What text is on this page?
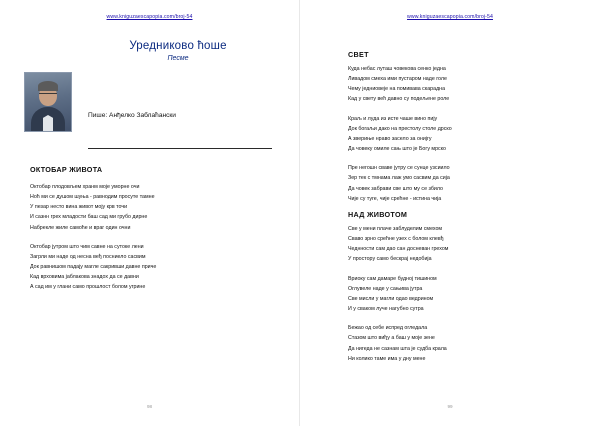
www.kniguzaescapopia.com/broj-54
Уредниково ћоше
Песме
Пише: Анђелко Заблаћански
ОКТОБАР ЖИВОТА
Октобар плодовљем хранм моје уморне очи
Ноћ ми се душом шуња - равнодим просуте тамне
У пезар несто вина живот моју крв точи
И сазнн грех младости баш сад ми грубо дирне
Набрекле жиле самоће и враг один очни
Октобар јутром што чим савне на сутоке лени
Загрли ми наде од несна веђ посниело сасвим
Док равнишом падају магле сакривши давне приче
Кад врховима јаблакова знадох да се давни
А сад им у глани само прошлост болом угрине
98
www.kniguzaescapopia.com/broj-54
СВЕТ
Куда небас луташ човекова сенко једна
Ливадом смеха ими пустаром наде голе
Чему једниовеје на помивава скарадна
Кад у свету већ давно су подељене роле
Краљ и луда из исте чаше вино пију
Док богаљи дако на престолу столе дрско
А звериње нраво засело за онијгу
Да човеку омиле сањ што је Богу мрско
Пре негошн сваве јутру се сунце узсиило
Зер тек с тмнама лаж умо сасвим да сија
Да човек забрави све што му се збило
Чије су туге, чије срећне - истина чија
НАД ЖИВОТОМ
Све у мени плаче заблуделим смехом
Сваво зрно срећне узех с болом клевђ
Чеднности сам дао сан досневан грехом
У простору само бескрај недобија
Вриоку сам дамаре будној тишином
Оглувеле наде у сањива јутра
Све мисли у магли одао ведрином
И у сваком луче нагубно сутра
Бежао од себе испред огледала
Стазом што виђу а баш у моје зене
Да нигеда не сазнам шта је судба крала
Ни колико таме има у дну мене
99
